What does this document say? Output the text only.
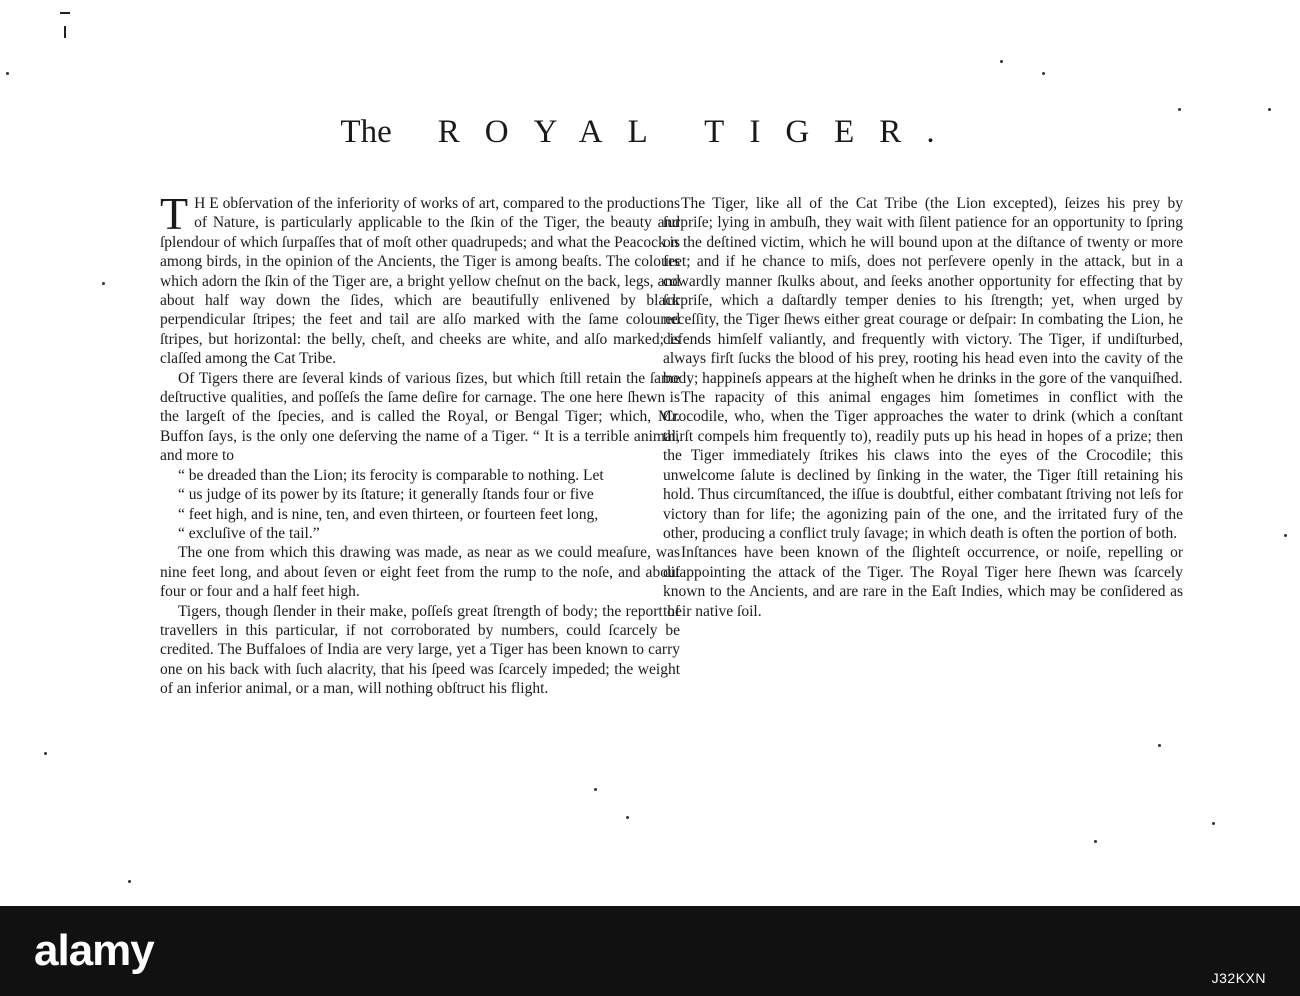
The ROYAL TIGER.

T H E obſervation of the inferiority of works of art, compared to the productions of Nature, is particularly applicable to the ſkin of the Tiger, the beauty and ſplendour of which ſurpaſſes that of moſt other quadrupeds; and what the Peacock is among birds, in the opinion of the Ancients, the Tiger is among beaſts. The colours which adorn the ſkin of the Tiger are, a bright yellow cheſnut on the back, legs, and about half way down the ſides, which are beautifully enlivened by black perpendicular ſtripes; the feet and tail are alſo marked with the ſame coloured ſtripes, but horizontal: the belly, cheſt, and cheeks are white, and alſo marked; is claſſed among the Cat Tribe.

Of Tigers there are ſeveral kinds of various ſizes, but which ſtill retain the ſame deſtructive qualities, and poſſeſs the ſame deſire for carnage. The one here ſhewn is the largeſt of the ſpecies, and is called the Royal, or Bengal Tiger; which, Mr. Buffon ſays, is the only one deſerving the name of a Tiger. “ It is a terrible animal, and more to

“ be dreaded than the Lion; its ferocity is comparable to nothing. Let

“ us judge of its power by its ſtature; it generally ſtands four or five

“ feet high, and is nine, ten, and even thirteen, or fourteen feet long,

“ excluſive of the tail.”

The one from which this drawing was made, as near as we could meaſure, was nine feet long, and about ſeven or eight feet from the rump to the noſe, and about four or four and a half feet high.

Tigers, though ſlender in their make, poſſeſs great ſtrength of body; the report of travellers in this particular, if not corroborated by numbers, could ſcarcely be credited. The Buffaloes of India are very large, yet a Tiger has been known to carry one on his back with ſuch alacrity, that his ſpeed was ſcarcely impeded; the weight of an inferior animal, or a man, will nothing obſtruct his flight.

The Tiger, like all of the Cat Tribe (the Lion excepted), ſeizes his prey by ſurpriſe; lying in ambuſh, they wait with ſilent patience for an opportunity to ſpring on the deſtined victim, which he will bound upon at the diſtance of twenty or more feet; and if he chance to miſs, does not perſevere openly in the attack, but in a cowardly manner ſkulks about, and ſeeks another opportunity for effecting that by ſurpriſe, which a daſtardly temper denies to his ſtrength; yet, when urged by neceſſity, the Tiger ſhews either great courage or deſpair: In combating the Lion, he defends himſelf valiantly, and frequently with victory. The Tiger, if undiſturbed, always firſt ſucks the blood of his prey, rooting his head even into the cavity of the body; happineſs appears at the higheſt when he drinks in the gore of the vanquiſhed.

The rapacity of this animal engages him ſometimes in conflict with the Crocodile, who, when the Tiger approaches the water to drink (which a conſtant thirſt compels him frequently to), readily puts up his head in hopes of a prize; then the Tiger immediately ſtrikes his claws into the eyes of the Crocodile; this unwelcome ſalute is declined by ſinking in the water, the Tiger ſtill retaining his hold. Thus circumſtanced, the iſſue is doubtful, either combatant ſtriving not leſs for victory than for life; the agonizing pain of the one, and the irritated fury of the other, producing a conflict truly ſavage; in which death is often the portion of both.

Inſtances have been known of the ſlighteſt occurrence, or noiſe, repelling or diſappointing the attack of the Tiger. The Royal Tiger here ſhewn was ſcarcely known to the Ancients, and are rare in the Eaſt Indies, which may be conſidered as their native ſoil.

alamy
J32KXN
